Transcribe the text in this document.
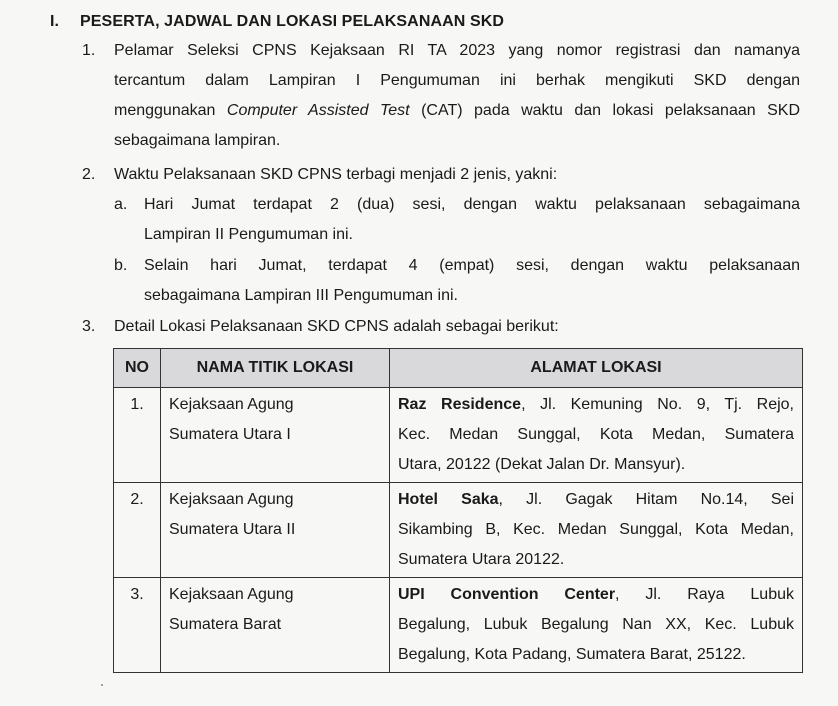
I. PESERTA, JADWAL DAN LOKASI PELAKSANAAN SKD
1.	Pelamar Seleksi CPNS Kejaksaan RI TA 2023 yang nomor registrasi dan namanya
tercantum dalam Lampiran I Pengumuman ini berhak mengikuti SKD dengan
menggunakan Computer Assisted Test (CAT) pada waktu dan lokasi pelaksanaan SKD
sebagaimana lampiran.
2.	Waktu Pelaksanaan SKD CPNS terbagi menjadi 2 jenis, yakni:
a.	Hari Jumat terdapat 2 (dua) sesi, dengan waktu pelaksanaan sebagaimana
Lampiran II Pengumuman ini.
b.	Selain hari Jumat, terdapat 4 (empat) sesi, dengan waktu pelaksanaan
sebagaimana Lampiran III Pengumuman ini.
3.	Detail Lokasi Pelaksanaan SKD CPNS adalah sebagai berikut:
NO	NAMA TITIK LOKASI	ALAMAT LOKASI
1.	Kejaksaan Agung
Sumatera Utara I	Raz Residence, Jl. Kemuning No. 9, Tj. Rejo,
Kec. Medan Sunggal, Kota Medan, Sumatera
Utara, 20122 (Dekat Jalan Dr. Mansyur).

2.	Kejaksaan Agung
Sumatera Utara II	Hotel Saka, Jl. Gagak Hitam No.14, Sei
Sikambing B, Kec. Medan Sunggal, Kota Medan,
Sumatera Utara 20122.

3.	Kejaksaan Agung
Sumatera Barat	UPI Convention Center, Jl. Raya Lubuk
Begalung, Lubuk Begalung Nan XX, Kec. Lubuk
Begalung, Kota Padang, Sumatera Barat, 25122.
